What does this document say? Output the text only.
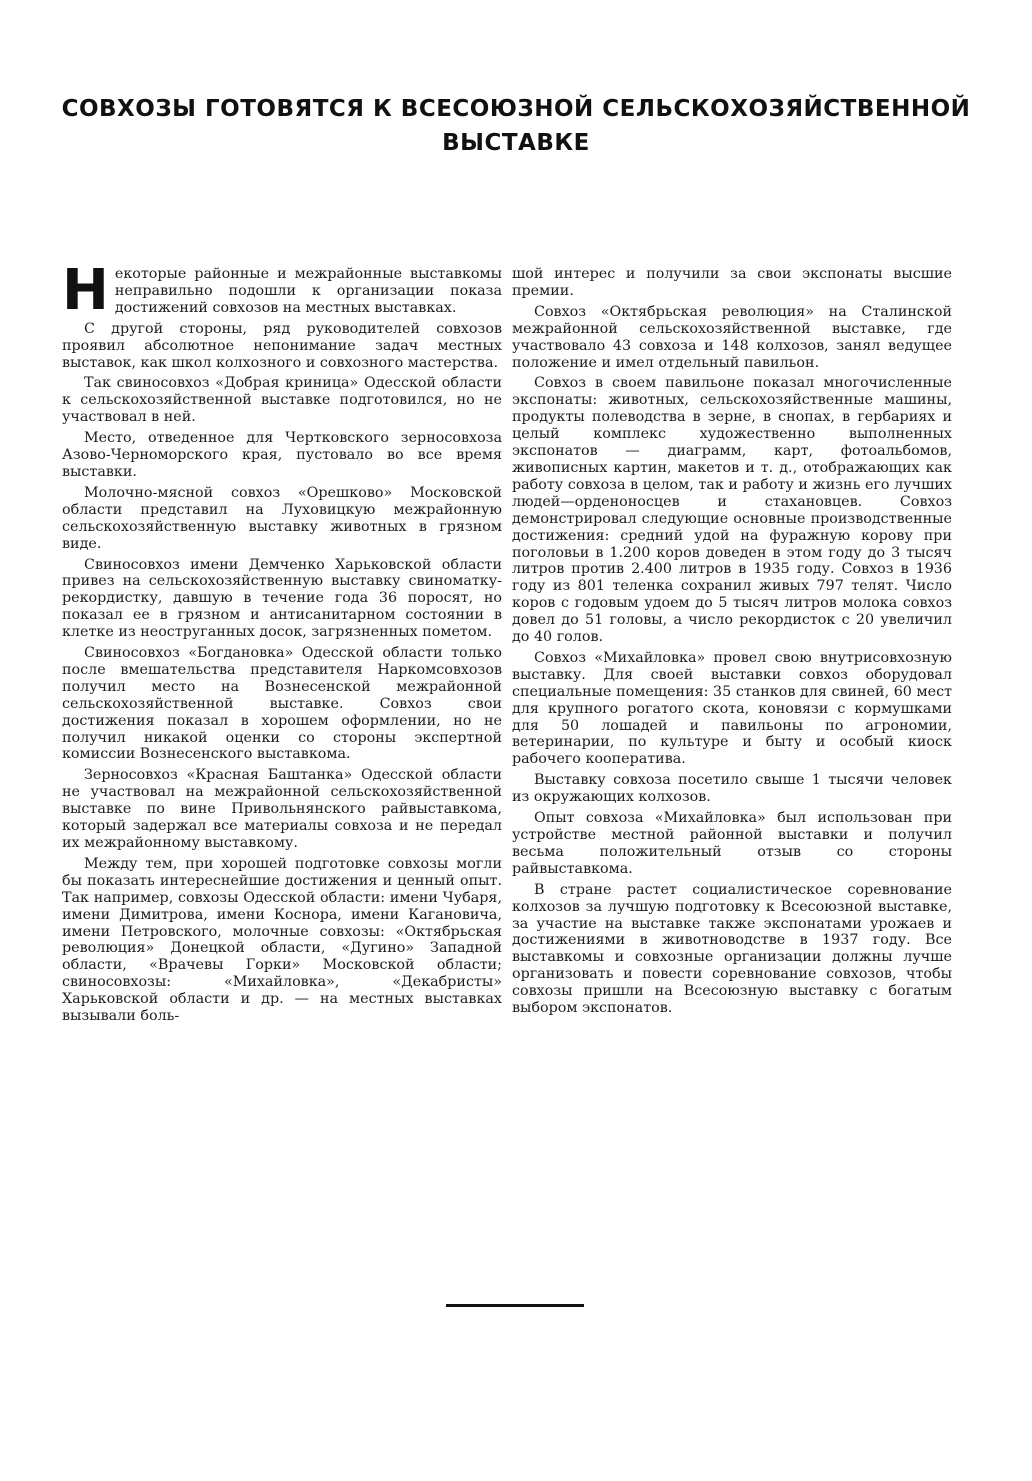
СОВХОЗЫ ГОТОВЯТСЯ К ВСЕСОЮЗНОЙ СЕЛЬСКОХОЗЯЙСТВЕННОЙ
ВЫСТАВКЕ

Некоторые районные и межрайонные выставкомы неправильно подошли к организации показа достижений совхозов на местных выставках.

С другой стороны, ряд руководителей совхозов проявил абсолютное непонимание задач местных выставок, как школ колхозного и совхозного мастерства.

Так свиносовхоз «Добрая криница» Одесской области к сельскохозяйственной выставке подготовился, но не участвовал в ней.

Место, отведенное для Чертковского зерносовхоза Азово-Черноморского края, пустовало во все время выставки.

Молочно-мясной совхоз «Орешково» Московской области представил на Луховицкую межрайонную сельскохозяйственную выставку животных в грязном виде.

Свиносовхоз имени Демченко Харьковской области привез на сельскохозяйственную выставку свиноматку-рекордистку, давшую в течение года 36 поросят, но показал ее в грязном и антисанитарном состоянии в клетке из неоструганных досок, загрязненных пометом.

Свиносовхоз «Богдановка» Одесской области только после вмешательства представителя Наркомсовхозов получил место на Вознесенской межрайонной сельскохозяйственной выставке. Совхоз свои достижения показал в хорошем оформлении, но не получил никакой оценки со стороны экспертной комиссии Вознесенского выставкома.

Зерносовхоз «Красная Баштанка» Одесской области не участвовал на межрайонной сельскохозяйственной выставке по вине Привольнянского райвыставкома, который задержал все материалы совхоза и не передал их межрайонному выставкому.

Между тем, при хорошей подготовке совхозы могли бы показать интереснейшие достижения и ценный опыт. Так например, совхозы Одесской области: имени Чубаря, имени Димитрова, имени Коснора, имени Кагановича, имени Петровского, молочные совхозы: «Октябрьская революция» Донецкой области, «Дугино» Западной области, «Врачевы Горки» Московской области; свиносовхозы: «Михайловка», «Декабристы» Харьковской области и др. — на местных выставках вызывали боль-

шой интерес и получили за свои экспонаты высшие премии.

Совхоз «Октябрьская революция» на Сталинской межрайонной сельскохозяйственной выставке, где участвовало 43 совхоза и 148 колхозов, занял ведущее положение и имел отдельный павильон.

Совхоз в своем павильоне показал многочисленные экспонаты: животных, сельскохозяйственные машины, продукты полеводства в зерне, в снопах, в гербариях и целый комплекс художественно выполненных экспонатов — диаграмм, карт, фотоальбомов, живописных картин, макетов и т. д., отображающих как работу совхоза в целом, так и работу и жизнь его лучших людей—орденоносцев и стахановцев. Совхоз демонстрировал следующие основные производственные достижения: средний удой на фуражную корову при поголовьи в 1.200 коров доведен в этом году до 3 тысяч литров против 2.400 литров в 1935 году. Совхоз в 1936 году из 801 теленка сохранил живых 797 телят. Число коров с годовым удоем до 5 тысяч литров молока совхоз довел до 51 головы, а число рекордисток с 20 увеличил до 40 голов.

Совхоз «Михайловка» провел свою внутрисовхозную выставку. Для своей выставки совхоз оборудовал специальные помещения: 35 станков для свиней, 60 мест для крупного рогатого скота, коновязи с кормушками для 50 лошадей и павильоны по агрономии, ветеринарии, по культуре и быту и особый киоск рабочего кооператива.

Выставку совхоза посетило свыше 1 тысячи человек из окружающих колхозов.

Опыт совхоза «Михайловка» был использован при устройстве местной районной выставки и получил весьма положительный отзыв со стороны райвыставкома.

В стране растет социалистическое соревнование колхозов за лучшую подготовку к Всесоюзной выставке, за участие на выставке также экспонатами урожаев и достижениями в животноводстве в 1937 году. Все выставкомы и совхозные организации должны лучше организовать и повести соревнование совхозов, чтобы совхозы пришли на Всесоюзную выставку с богатым выбором экспонатов.
